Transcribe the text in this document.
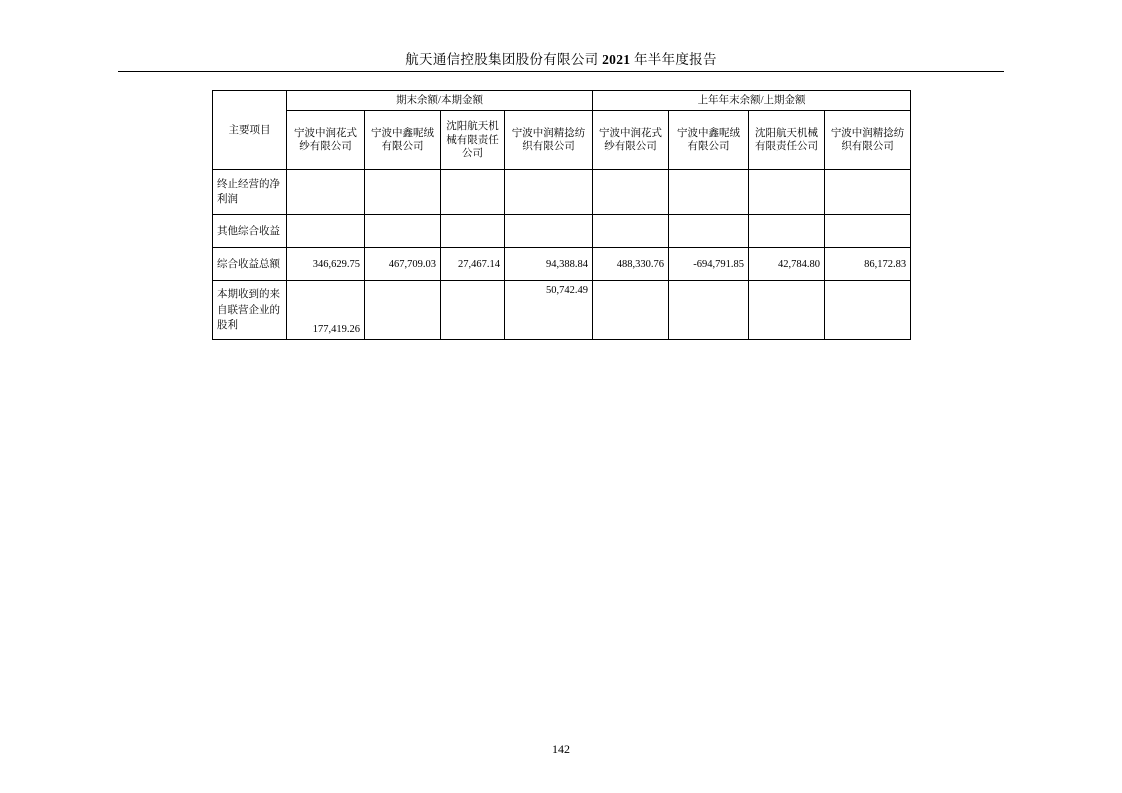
航天通信控股集团股份有限公司 2021 年半年度报告
主要项目	期末余额/本期金额				上年年末余额/上期金额			
	宁波中润花式纱有限公司	宁波中鑫呢绒有限公司	沈阳航天机械有限责任公司	宁波中润精捻纺织有限公司	宁波中润花式纱有限公司	宁波中鑫呢绒有限公司	沈阳航天机械有限责任公司	宁波中润精捻纺织有限公司
终止经营的净利润								
其他综合收益								
综合收益总额	346,629.75	467,709.03	27,467.14	94,388.84	488,330.76	-694,791.85	42,784.80	86,172.83
本期收到的来自联营企业的股利	177,419.26			50,742.49				
142
